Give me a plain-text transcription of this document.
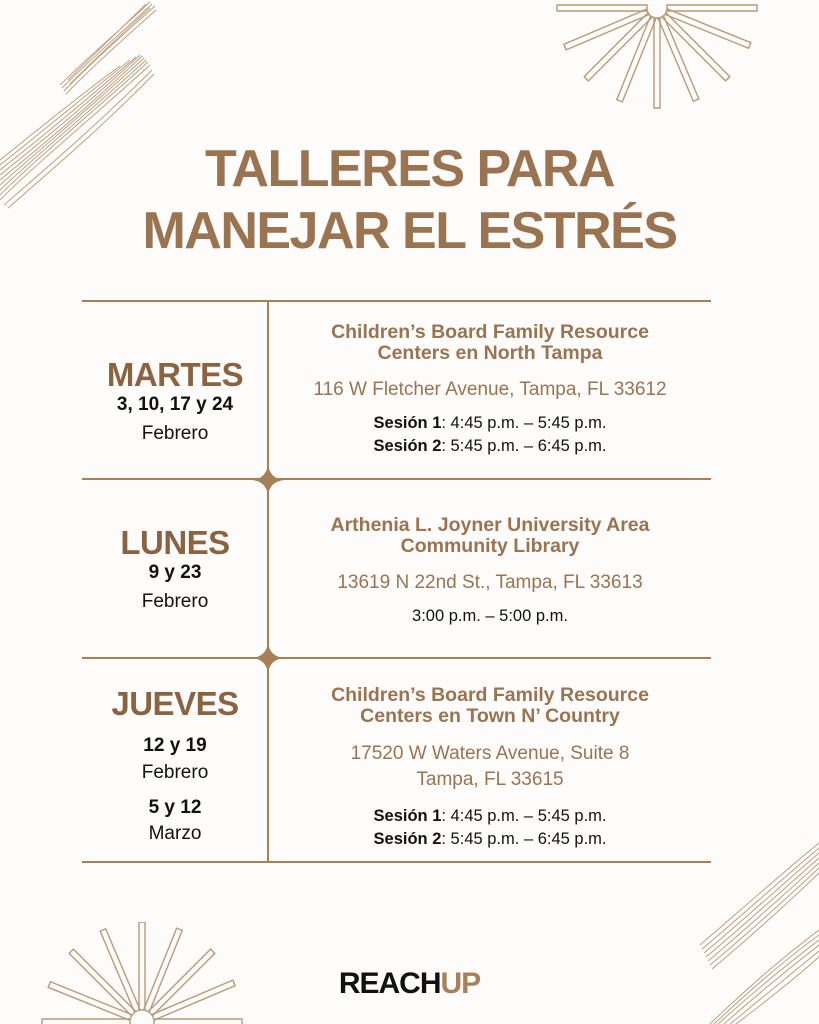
TALLERES PARA
MANEJAR EL ESTRÉS
MARTES
3, 10, 17 y 24
Febrero
Children’s Board Family Resource
Centers en North Tampa
116 W Fletcher Avenue, Tampa, FL 33612
Sesión 1: 4:45 p.m. – 5:45 p.m.
Sesión 2: 5:45 p.m. – 6:45 p.m.
LUNES
9 y 23
Febrero
Arthenia L. Joyner University Area
Community Library
13619 N 22nd St., Tampa, FL 33613
3:00 p.m. – 5:00 p.m.
JUEVES
12 y 19
Febrero
5 y 12
Marzo
Children’s Board Family Resource
Centers en Town N’ Country
17520 W Waters Avenue, Suite 8
Tampa, FL 33615
Sesión 1: 4:45 p.m. – 5:45 p.m.
Sesión 2: 5:45 p.m. – 6:45 p.m.
REACHUP
